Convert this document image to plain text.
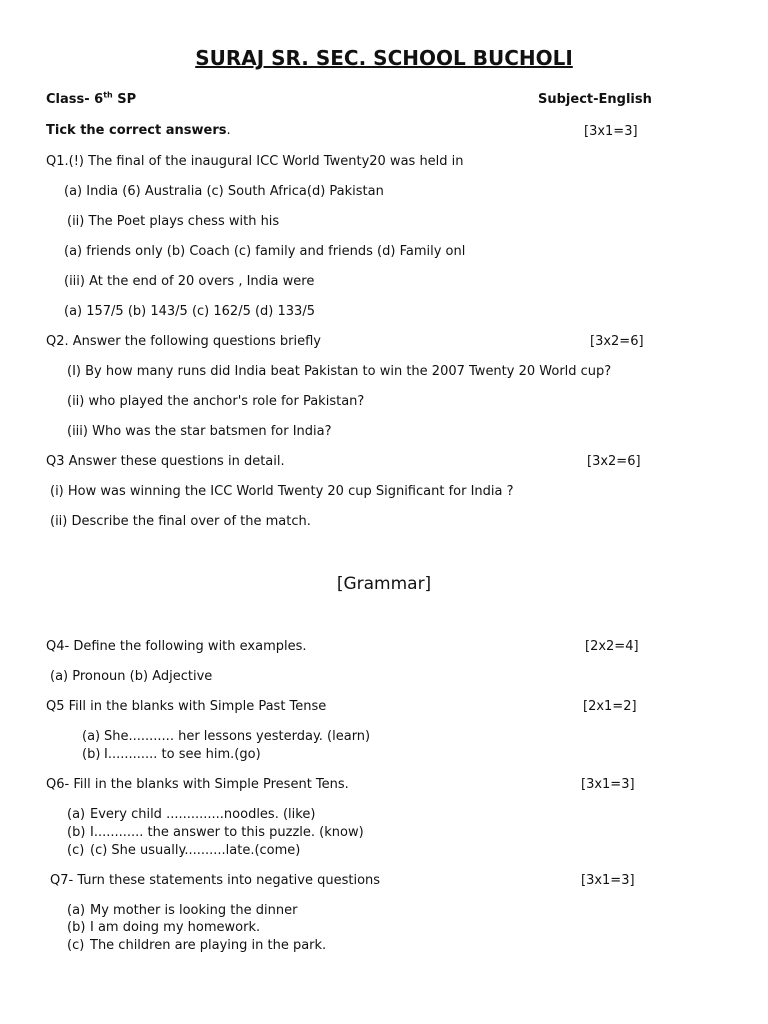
SURAJ SR. SEC. SCHOOL BUCHOLI
Class- 6th SP	Subject-English
Tick the correct answers.	[3x1=3]
Q1.(!) The final of the inaugural ICC World Twenty20 was held in
(a) India (6) Australia (c) South Africa(d) Pakistan
(ii) The Poet plays chess with his
(a) friends only (b) Coach (c) family and friends (d) Family onl
(iii) At the end of 20 overs , India were
(a) 157/5 (b) 143/5 (c) 162/5 (d) 133/5
Q2. Answer the following questions briefly	[3x2=6]
(I) By how many runs did India beat Pakistan to win the 2007 Twenty 20 World cup?
(ii) who played the anchor's role for Pakistan?
(iii) Who was the star batsmen for India?
Q3 Answer these questions in detail.	[3x2=6]
(i) How was winning the ICC World Twenty 20 cup Significant for India ?
(ii) Describe the final over of the match.
[Grammar]
Q4- Define the following with examples.	[2x2=4]
(a) Pronoun (b) Adjective
Q5 Fill in the blanks with Simple Past Tense	[2x1=2]
(a) She........... her lessons yesterday. (learn)
(b) I............ to see him.(go)
Q6- Fill in the blanks with Simple Present Tens.	[3x1=3]
(a) Every child ..............noodles. (like)
(b) I............ the answer to this puzzle. (know)
(c) (c) She usually..........late.(come)
Q7- Turn these statements into negative questions	[3x1=3]
(a) My mother is looking the dinner
(b) I am doing my homework.
(c) The children are playing in the park.
